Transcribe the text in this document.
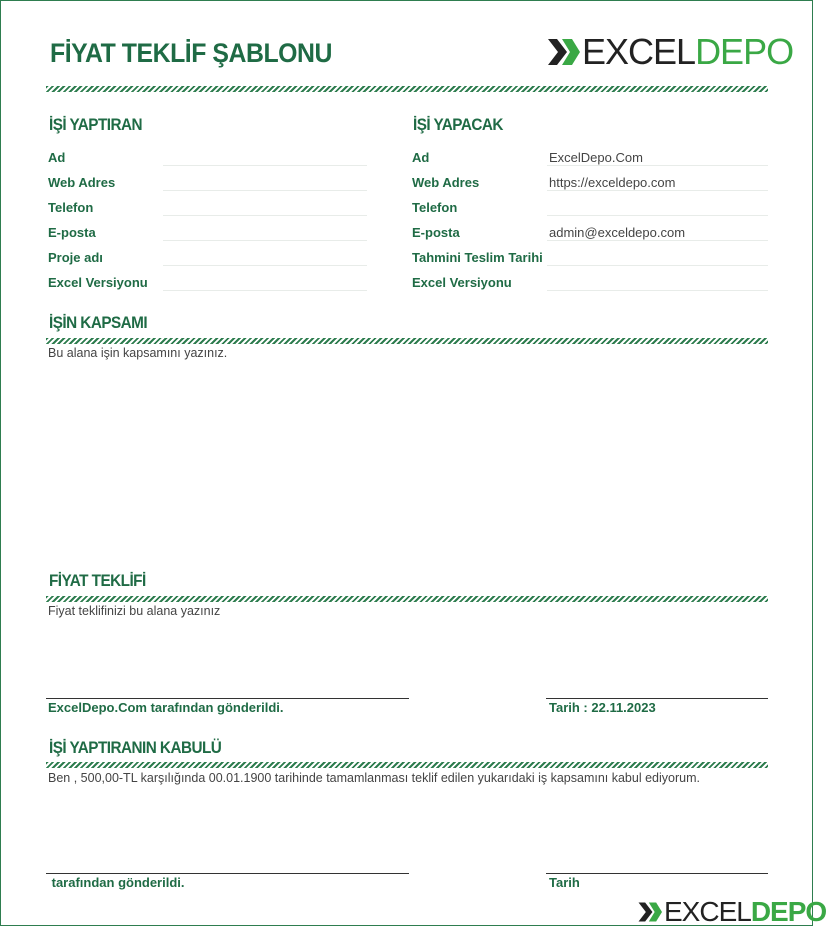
FİYAT TEKLİF ŞABLONU	EXCEL DEPO
İŞİ YAPTIRAN
Ad
Web Adres
Telefon
E-posta
Proje adı
Excel Versiyonu
İŞİ YAPACAK
Ad	ExcelDepo.Com
Web Adres	https://exceldepo.com
Telefon
E-posta	admin@exceldepo.com
Tahmini Teslim Tarihi
Excel Versiyonu
İŞİN KAPSAMI
Bu alana işin kapsamını yazınız.
FİYAT TEKLİFİ
Fiyat teklifinizi bu alana yazınız
ExcelDepo.Com tarafından gönderildi.	Tarih : 22.11.2023
İŞİ YAPTIRANIN KABULÜ
Ben , 500,00-TL karşılığında 00.01.1900 tarihinde tamamlanması teklif edilen yukarıdaki iş kapsamını kabul ediyorum.
tarafından gönderildi.	Tarih
EXCEL DEPO
